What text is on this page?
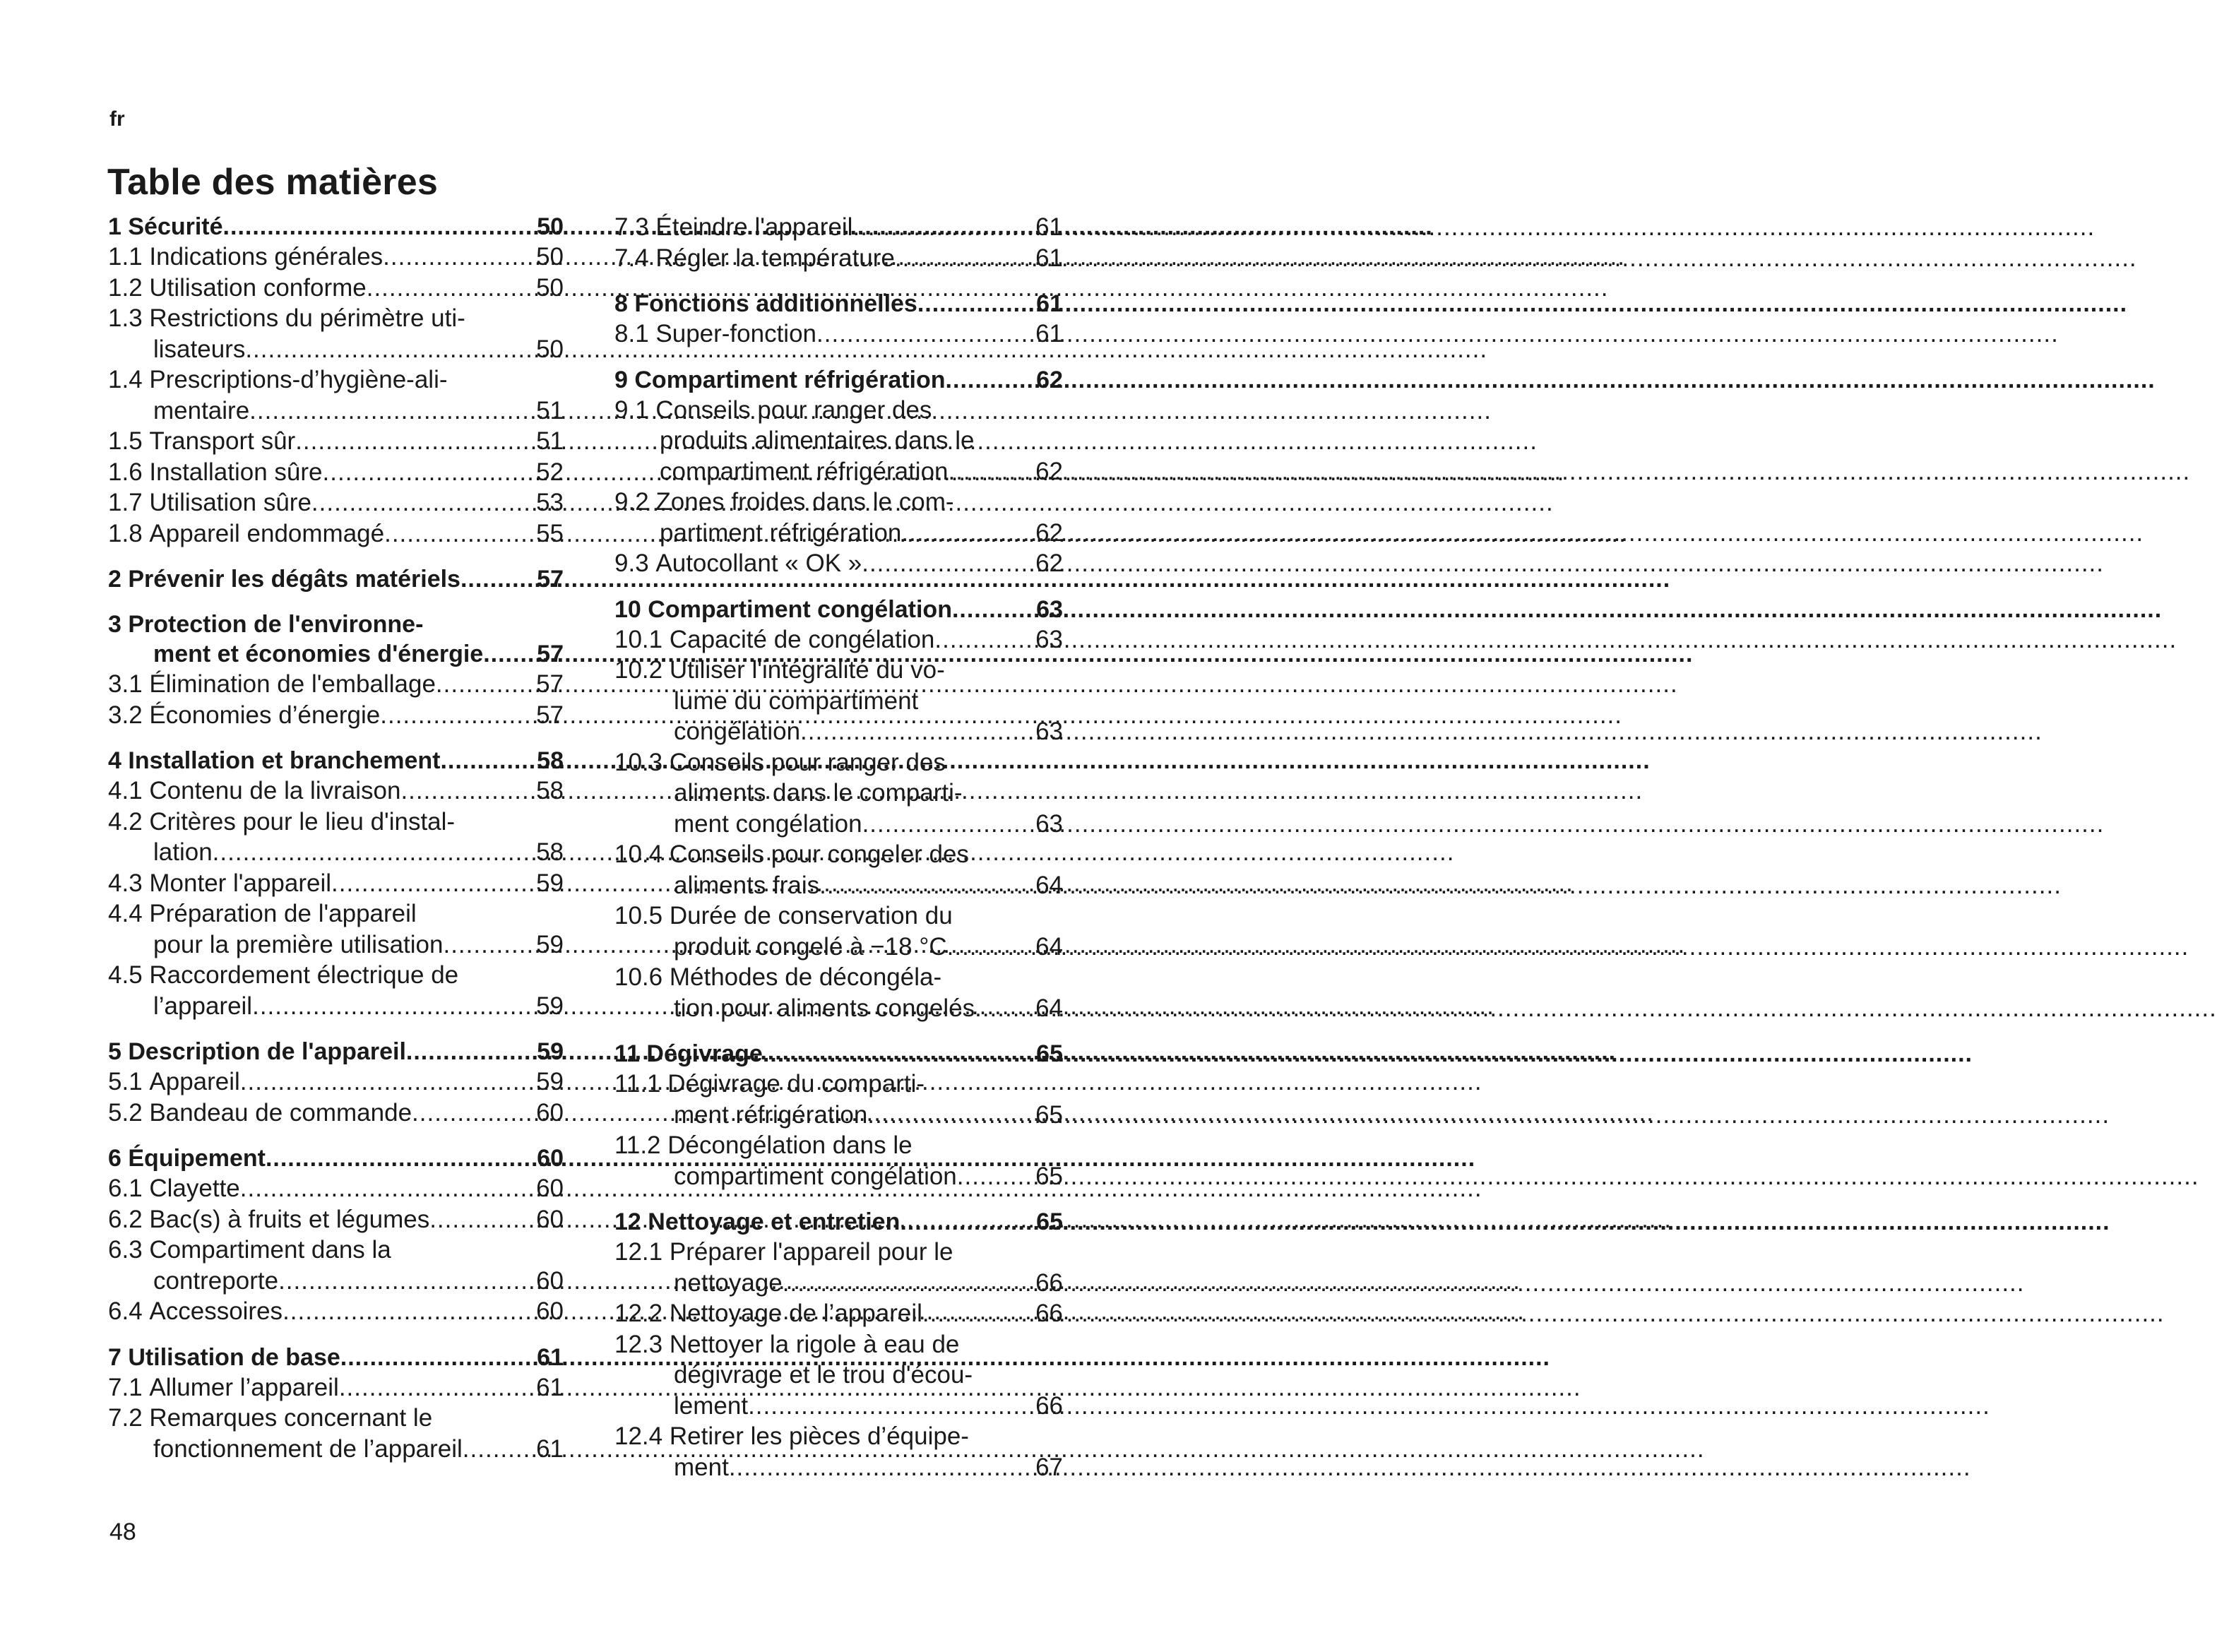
fr
Table des matières
1 Sécurité .....	50
1.1 Indications générales .....	50
1.2 Utilisation conforme .....	50
1.3 Restrictions du périmètre uti-
lisateurs .....	50
1.4 Prescriptions-d’hygiène-ali-
mentaire .....	51
1.5 Transport sûr .....	51
1.6 Installation sûre .....	52
1.7 Utilisation sûre .....	53
1.8 Appareil endommagé .....	55
2 Prévenir les dégâts matériels .....	57
3 Protection de l'environne-
ment et économies d'énergie .....	57
3.1 Élimination de l'emballage .....	57
3.2 Économies d’énergie .....	57
4 Installation et branchement .....	58
4.1 Contenu de la livraison .....	58
4.2 Critères pour le lieu d'instal-
lation .....	58
4.3 Monter l'appareil .....	59
4.4 Préparation de l'appareil
pour la première utilisation .....	59
4.5 Raccordement électrique de
l’appareil .....	59
5 Description de l'appareil .....	59
5.1 Appareil .....	59
5.2 Bandeau de commande .....	60
6 Équipement .....	60
6.1 Clayette .....	60
6.2 Bac(s) à fruits et légumes .....	60
6.3 Compartiment dans la
contreporte .....	60
6.4 Accessoires .....	60
7 Utilisation de base .....	61
7.1 Allumer l’appareil .....	61
7.2 Remarques concernant le
fonctionnement de l’appareil .....	61
7.3 Éteindre l'appareil .....	61
7.4 Régler la température .....	61
8 Fonctions additionnelles .....	61
8.1 Super-fonction .....	61
9 Compartiment réfrigération .....	62
9.1 Conseils pour ranger des
produits alimentaires dans le
compartiment réfrigération .....	62
9.2 Zones froides dans le com-
partiment réfrigération .....	62
9.3 Autocollant « OK » .....	62
10 Compartiment congélation .....	63
10.1 Capacité de congélation .....	63
10.2 Utiliser l'intégralité du vo-
lume du compartiment
congélation .....	63
10.3 Conseils pour ranger des
aliments dans le comparti-
ment congélation .....	63
10.4 Conseils pour congeler des
aliments frais .....	64
10.5 Durée de conservation du
produit congelé à −18 °C .....	64
10.6 Méthodes de décongéla-
tion pour aliments congelés ..... 64
11 Dégivrage .....	65
11.1 Dégivrage du comparti-
ment réfrigération .....	65
11.2 Décongélation dans le
compartiment congélation .....	65
12 Nettoyage et entretien .....	65
12.1 Préparer l'appareil pour le
nettoyage .....	66
12.2 Nettoyage de l’appareil .....	66
12.3 Nettoyer la rigole à eau de
dégivrage et le trou d'écou-
lement .....	66
12.4 Retirer les pièces d’équipe-
ment .....	67
48
